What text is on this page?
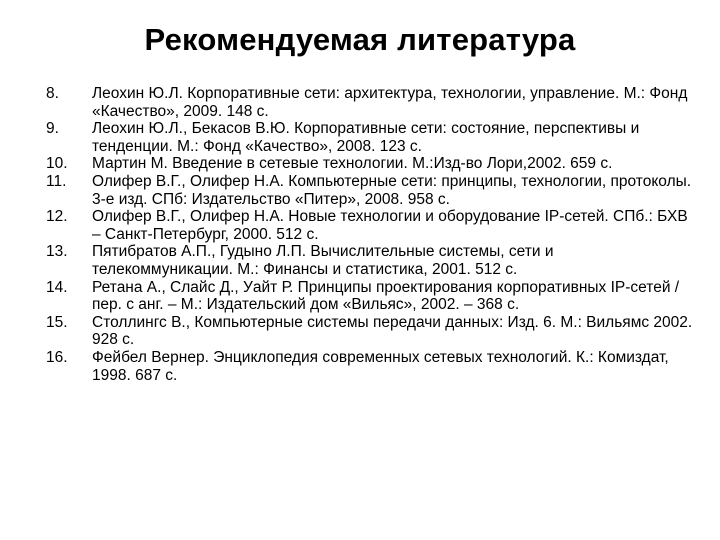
Рекомендуемая литература
8.	Леохин Ю.Л. Корпоративные сети: архитектура, технологии, управление. М.: Фонд «Качество», 2009. 148 с.
9.	Леохин Ю.Л., Бекасов В.Ю. Корпоративные сети: состояние, перспективы и тенденции. М.: Фонд «Качество», 2008. 123 с.
10.	Мартин М. Введение в сетевые технологии. М.:Изд-во Лори,2002. 659 с.
11.	Олифер В.Г., Олифер Н.А. Компьютерные сети: принципы, технологии, протоколы. 3-е изд. СПб: Издательство «Питер», 2008. 958 с.
12.	Олифер В.Г., Олифер Н.А. Новые технологии и оборудование IP-сетей. СПб.: БХВ – Санкт-Петербург, 2000. 512 с.
13.	Пятибратов А.П., Гудыно Л.П. Вычислительные системы, сети и телекоммуникации. М.: Финансы и статистика, 2001. 512 с.
14.	Ретана А., Слайс Д., Уайт Р. Принципы проектирования корпоративных IP-сетей / пер. с анг. – М.: Издательский дом «Вильяс», 2002. – 368 с.
15.	Столлингс В., Компьютерные системы передачи данных: Изд. 6. М.: Вильямс 2002. 928 с.
16.	Фейбел Вернер. Энциклопедия современных сетевых технологий. К.: Комиздат, 1998. 687 с.
